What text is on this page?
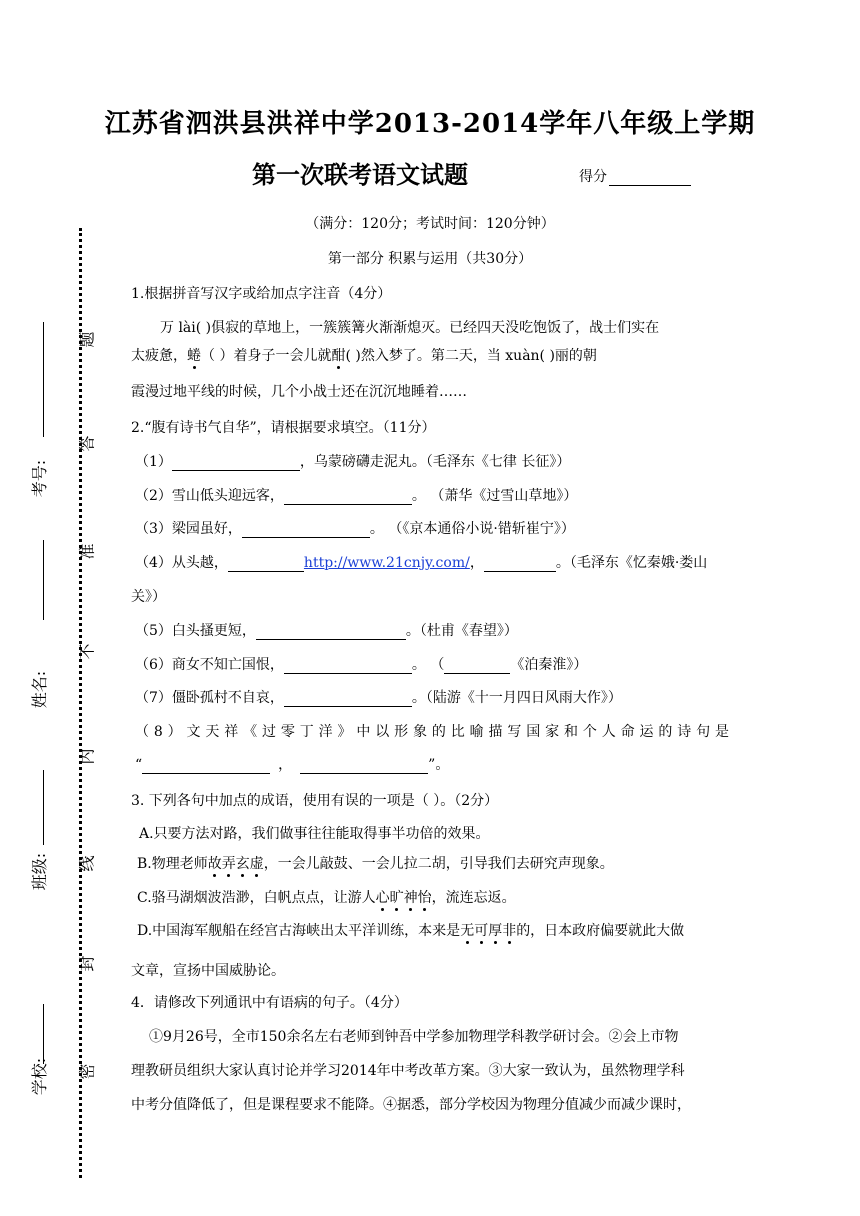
学校:
班级:
姓名:
考号:
密
封
线
内
不
准
答
题
江苏省泗洪县洪祥中学2013-2014学年八年级上学期
第一次联考语文试题	得分
（满分：120分；考试时间：120分钟）
第一部分 积累与运用（共30分）
1.根据拼音写汉字或给加点字注音（4分）
万 lài( )俱寂的草地上，一簇簇篝火渐渐熄灭。已经四天没吃饱饭了，战士们实在
太疲惫，蜷（ ）着身子一会儿就酣( )然入梦了。第二天，当 xuàn( )丽的朝
霞漫过地平线的时候，几个小战士还在沉沉地睡着……
2.“腹有诗书气自华”，请根据要求填空。（11分）
（1）	，乌蒙磅礴走泥丸。（毛泽东《七律 长征》）
（2）雪山低头迎远客，	。 （萧华《过雪山草地》）
（3）梁园虽好，	。 （《京本通俗小说·错斩崔宁》）
（4）从头越，	http://www.21cnjy.com/，	。（毛泽东《忆秦娥·娄山
关》）
（5）白头搔更短，	。（杜甫《春望》）
（6）商女不知亡国恨，	。 （	《泊秦淮》）
（7）僵卧孤村不自哀，	。（陆游《十一月四日风雨大作》）
（8）文天祥《过零丁洋》中以形象的比喻描写国家和个人命运的诗句是
“	，	”。
3. 下列各句中加点的成语，使用有误的一项是（ ）。（2分）
A.只要方法对路，我们做事往往能取得事半功倍的效果。
B.物理老师故弄玄虚，一会儿敲鼓、一会儿拉二胡，引导我们去研究声现象。
C.骆马湖烟波浩渺，白帆点点，让游人心旷神怡，流连忘返。
D.中国海军舰船在经宫古海峡出太平洋训练，本来是无可厚非的，日本政府偏要就此大做
文章，宣扬中国威胁论。
4．请修改下列通讯中有语病的句子。（4分）
①9月26号，全市150余名左右老师到钟吾中学参加物理学科教学研讨会。②会上市物
理教研员组织大家认真讨论并学习2014年中考改革方案。③大家一致认为，虽然物理学科
中考分值降低了，但是课程要求不能降。④据悉，部分学校因为物理分值减少而减少课时，
